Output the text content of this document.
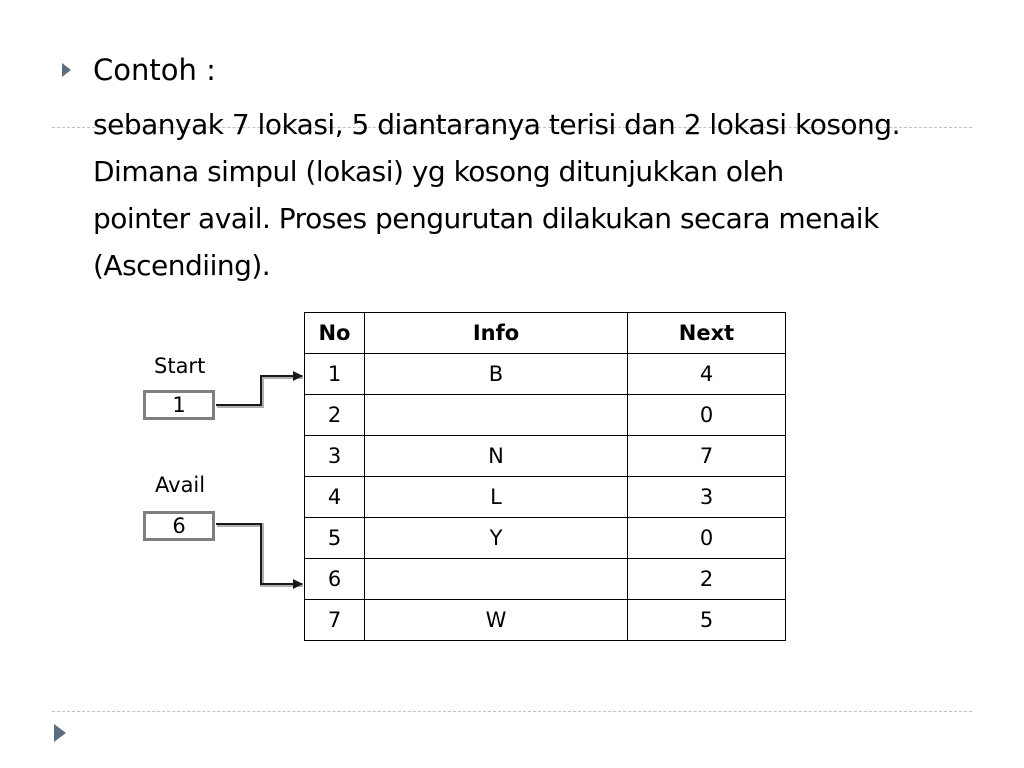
Contoh :

sebanyak 7 lokasi, 5 diantaranya terisi dan 2 lokasi kosong.
Dimana simpul (lokasi) yg kosong ditunjukkan oleh
pointer avail. Proses pengurutan dilakukan secara menaik
(Ascendiing).

Start
1
Avail
6
No	Info	Next
1	B	4
2		0
3	N	7
4	L	3
5	Y	0
6		2
7	W	5
